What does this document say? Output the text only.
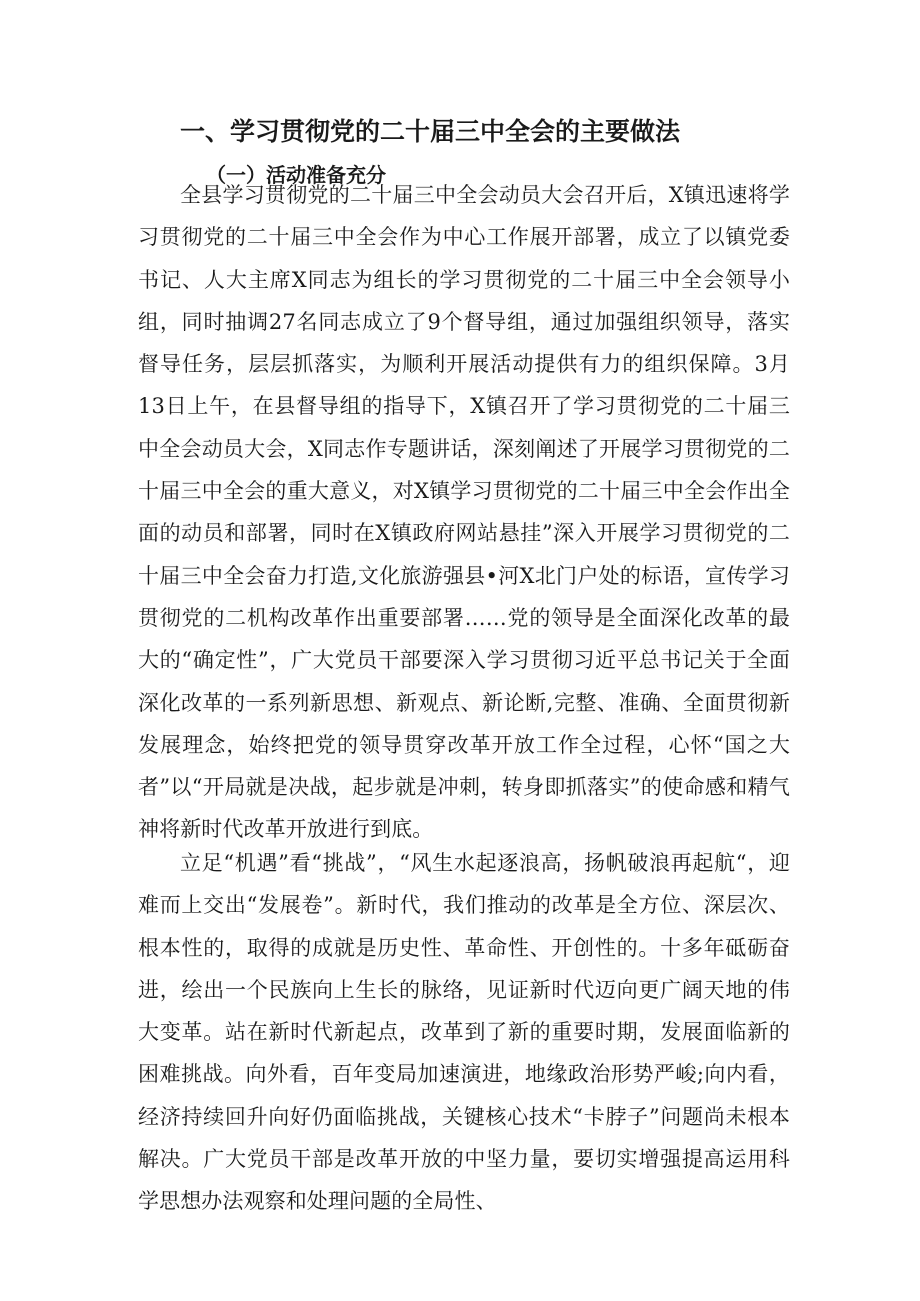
一、学习贯彻党的二十届三中全会的主要做法
（一）活动准备充分

全县学习贯彻党的二十届三中全会动员大会召开后，X镇迅速将学习贯彻党的二十届三中全会作为中心工作展开部署，成立了以镇党委书记、人大主席X同志为组长的学习贯彻党的二十届三中全会领导小组，同时抽调27名同志成立了9个督导组，通过加强组织领导，落实督导任务，层层抓落实，为顺利开展活动提供有力的组织保障。3月13日上午，在县督导组的指导下，X镇召开了学习贯彻党的二十届三中全会动员大会，X同志作专题讲话，深刻阐述了开展学习贯彻党的二十届三中全会的重大意义，对X镇学习贯彻党的二十届三中全会作出全面的动员和部署，同时在X镇政府网站悬挂”深入开展学习贯彻党的二十届三中全会奋力打造,文化旅游强县•河X北门户处的标语，宣传学习贯彻党的二机构改革作出重要部署……党的领导是全面深化改革的最大的“确定性”，广大党员干部要深入学习贯彻习近平总书记关于全面深化改革的一系列新思想、新观点、新论断,完整、准确、全面贯彻新发展理念，始终把党的领导贯穿改革开放工作全过程，心怀“国之大者”以“开局就是决战，起步就是冲刺，转身即抓落实”的使命感和精气神将新时代改革开放进行到底。

立足“机遇”看“挑战”，“风生水起逐浪高，扬帆破浪再起航“，迎难而上交出“发展卷”。新时代，我们推动的改革是全方位、深层次、根本性的，取得的成就是历史性、革命性、开创性的。十多年砥砺奋进，绘出一个民族向上生长的脉络，见证新时代迈向更广阔天地的伟大变革。站在新时代新起点，改革到了新的重要时期，发展面临新的困难挑战。向外看，百年变局加速演进，地缘政治形势严峻;向内看，经济持续回升向好仍面临挑战，关键核心技术“卡脖子”问题尚未根本解决。广大党员干部是改革开放的中坚力量，要切实增强提高运用科学思想办法观察和处理问题的全局性、
